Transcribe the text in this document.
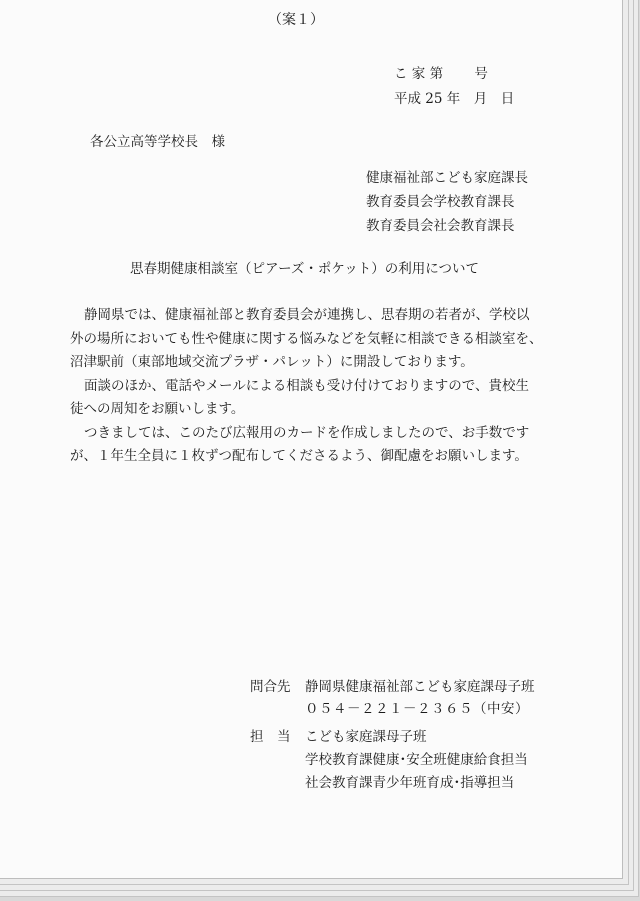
（案１）
こ 家 第　　 号
平成 25 年　月　日
各公立高等学校長　様
健康福祉部こども家庭課長
教育委員会学校教育課長
教育委員会社会教育課長
思春期健康相談室（ピアーズ・ポケット）の利用について

静岡県では、健康福祉部と教育委員会が連携し、思春期の若者が、学校以

外の場所においても性や健康に関する悩みなどを気軽に相談できる相談室を、

沼津駅前（東部地域交流プラザ・パレット）に開設しております。

面談のほか、電話やメールによる相談も受け付けておりますので、貴校生

徒への周知をお願いします。

つきましては、このたび広報用のカードを作成しましたので、お手数です

が、１年生全員に１枚ずつ配布してくださるよう、御配慮をお願いします。

問合先 静岡県健康福祉部こども家庭課母子班
０５４－２２１－２３６５（中安）
担　当 こども家庭課母子班
学校教育課健康･安全班健康給食担当
社会教育課青少年班育成･指導担当
